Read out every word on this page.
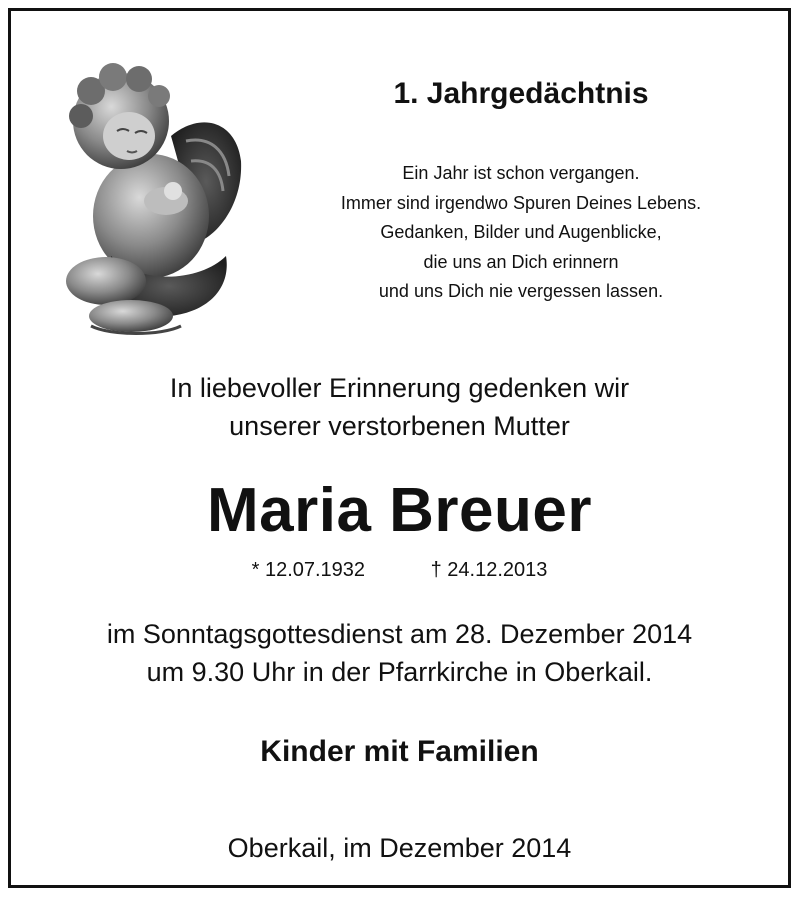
1. Jahrgedächtnis
Ein Jahr ist schon vergangen.
Immer sind irgendwo Spuren Deines Lebens.
Gedanken, Bilder und Augenblicke,
die uns an Dich erinnern
und uns Dich nie vergessen lassen.
In liebevoller Erinnerung gedenken wir
unserer verstorbenen Mutter
Maria Breuer
* 12.07.1932	† 24.12.2013
im Sonntagsgottesdienst am 28. Dezember 2014
um 9.30 Uhr in der Pfarrkirche in Oberkail.
Kinder mit Familien
Oberkail, im Dezember 2014
